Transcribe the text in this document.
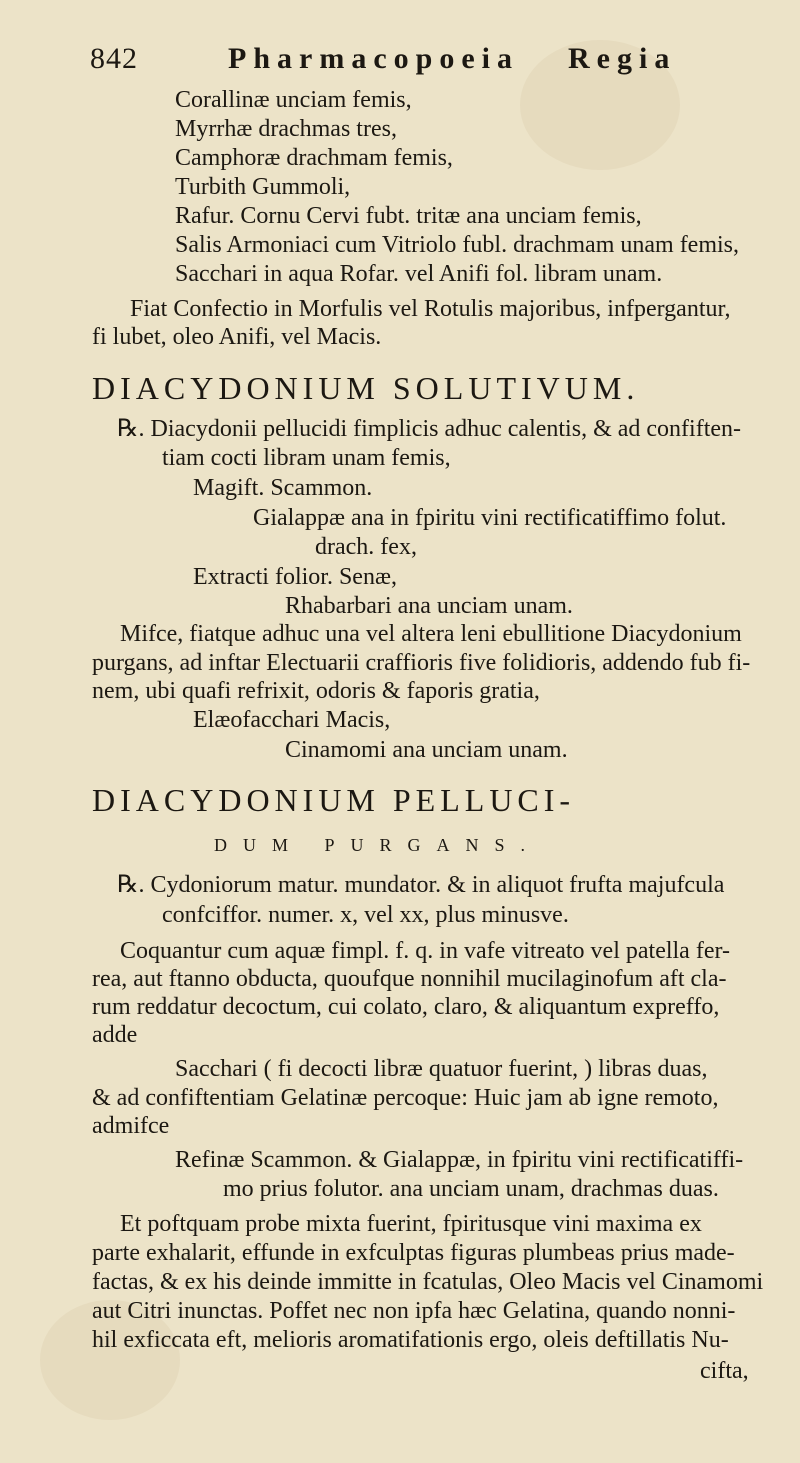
842	Pharmacopoeia Regia
Corallinæ unciam femis,
Myrrhæ drachmas tres,
Camphoræ drachmam femis,
Turbith Gummoli,
Rafur. Cornu Cervi fubt. tritæ ana unciam femis,
Salis Armoniaci cum Vitriolo fubl. drachmam unam femis,
Sacchari in aqua Rofar. vel Anifi fol. libram unam.
Fiat Confectio in Morfulis vel Rotulis majoribus, infpergantur,
fi lubet, oleo Anifi, vel Macis.
DIACYDONIUM SOLUTIVUM.
℞. Diacydonii pellucidi fimplicis adhuc calentis, & ad confiften-
tiam cocti libram unam femis,
Magift. Scammon.
Gialappæ ana in fpiritu vini rectificatiffimo folut.
drach. fex,
Extracti folior. Senæ,
Rhabarbari ana unciam unam.
Mifce, fiatque adhuc una vel altera leni ebullitione Diacydonium
purgans, ad inftar Electuarii craffioris five folidioris, addendo fub fi-
nem, ubi quafi refrixit, odoris & faporis gratia,
Elæofacchari Macis,
Cinamomi ana unciam unam.
DIACYDONIUM PELLUCI-
DUM PURGANS.
℞. Cydoniorum matur. mundator. & in aliquot frufta majufcula
confciffor. numer. x, vel xx, plus minusve.
Coquantur cum aquæ fimpl. f. q. in vafe vitreato vel patella fer-
rea, aut ftanno obducta, quoufque nonnihil mucilaginofum aft cla-
rum reddatur decoctum, cui colato, claro, & aliquantum expreffo,
adde
Sacchari ( fi decocti libræ quatuor fuerint, ) libras duas,
& ad confiftentiam Gelatinæ percoque: Huic jam ab igne remoto,
admifce
Refinæ Scammon. & Gialappæ, in fpiritu vini rectificatiffi-
mo prius folutor. ana unciam unam, drachmas duas.
Et poftquam probe mixta fuerint, fpiritusque vini maxima ex
parte exhalarit, effunde in exfculptas figuras plumbeas prius made-
factas, & ex his deinde immitte in fcatulas, Oleo Macis vel Cinamomi
aut Citri inunctas. Poffet nec non ipfa hæc Gelatina, quando nonni-
hil exficcata eft, melioris aromatifationis ergo, oleis deftillatis Nu-
cifta,
